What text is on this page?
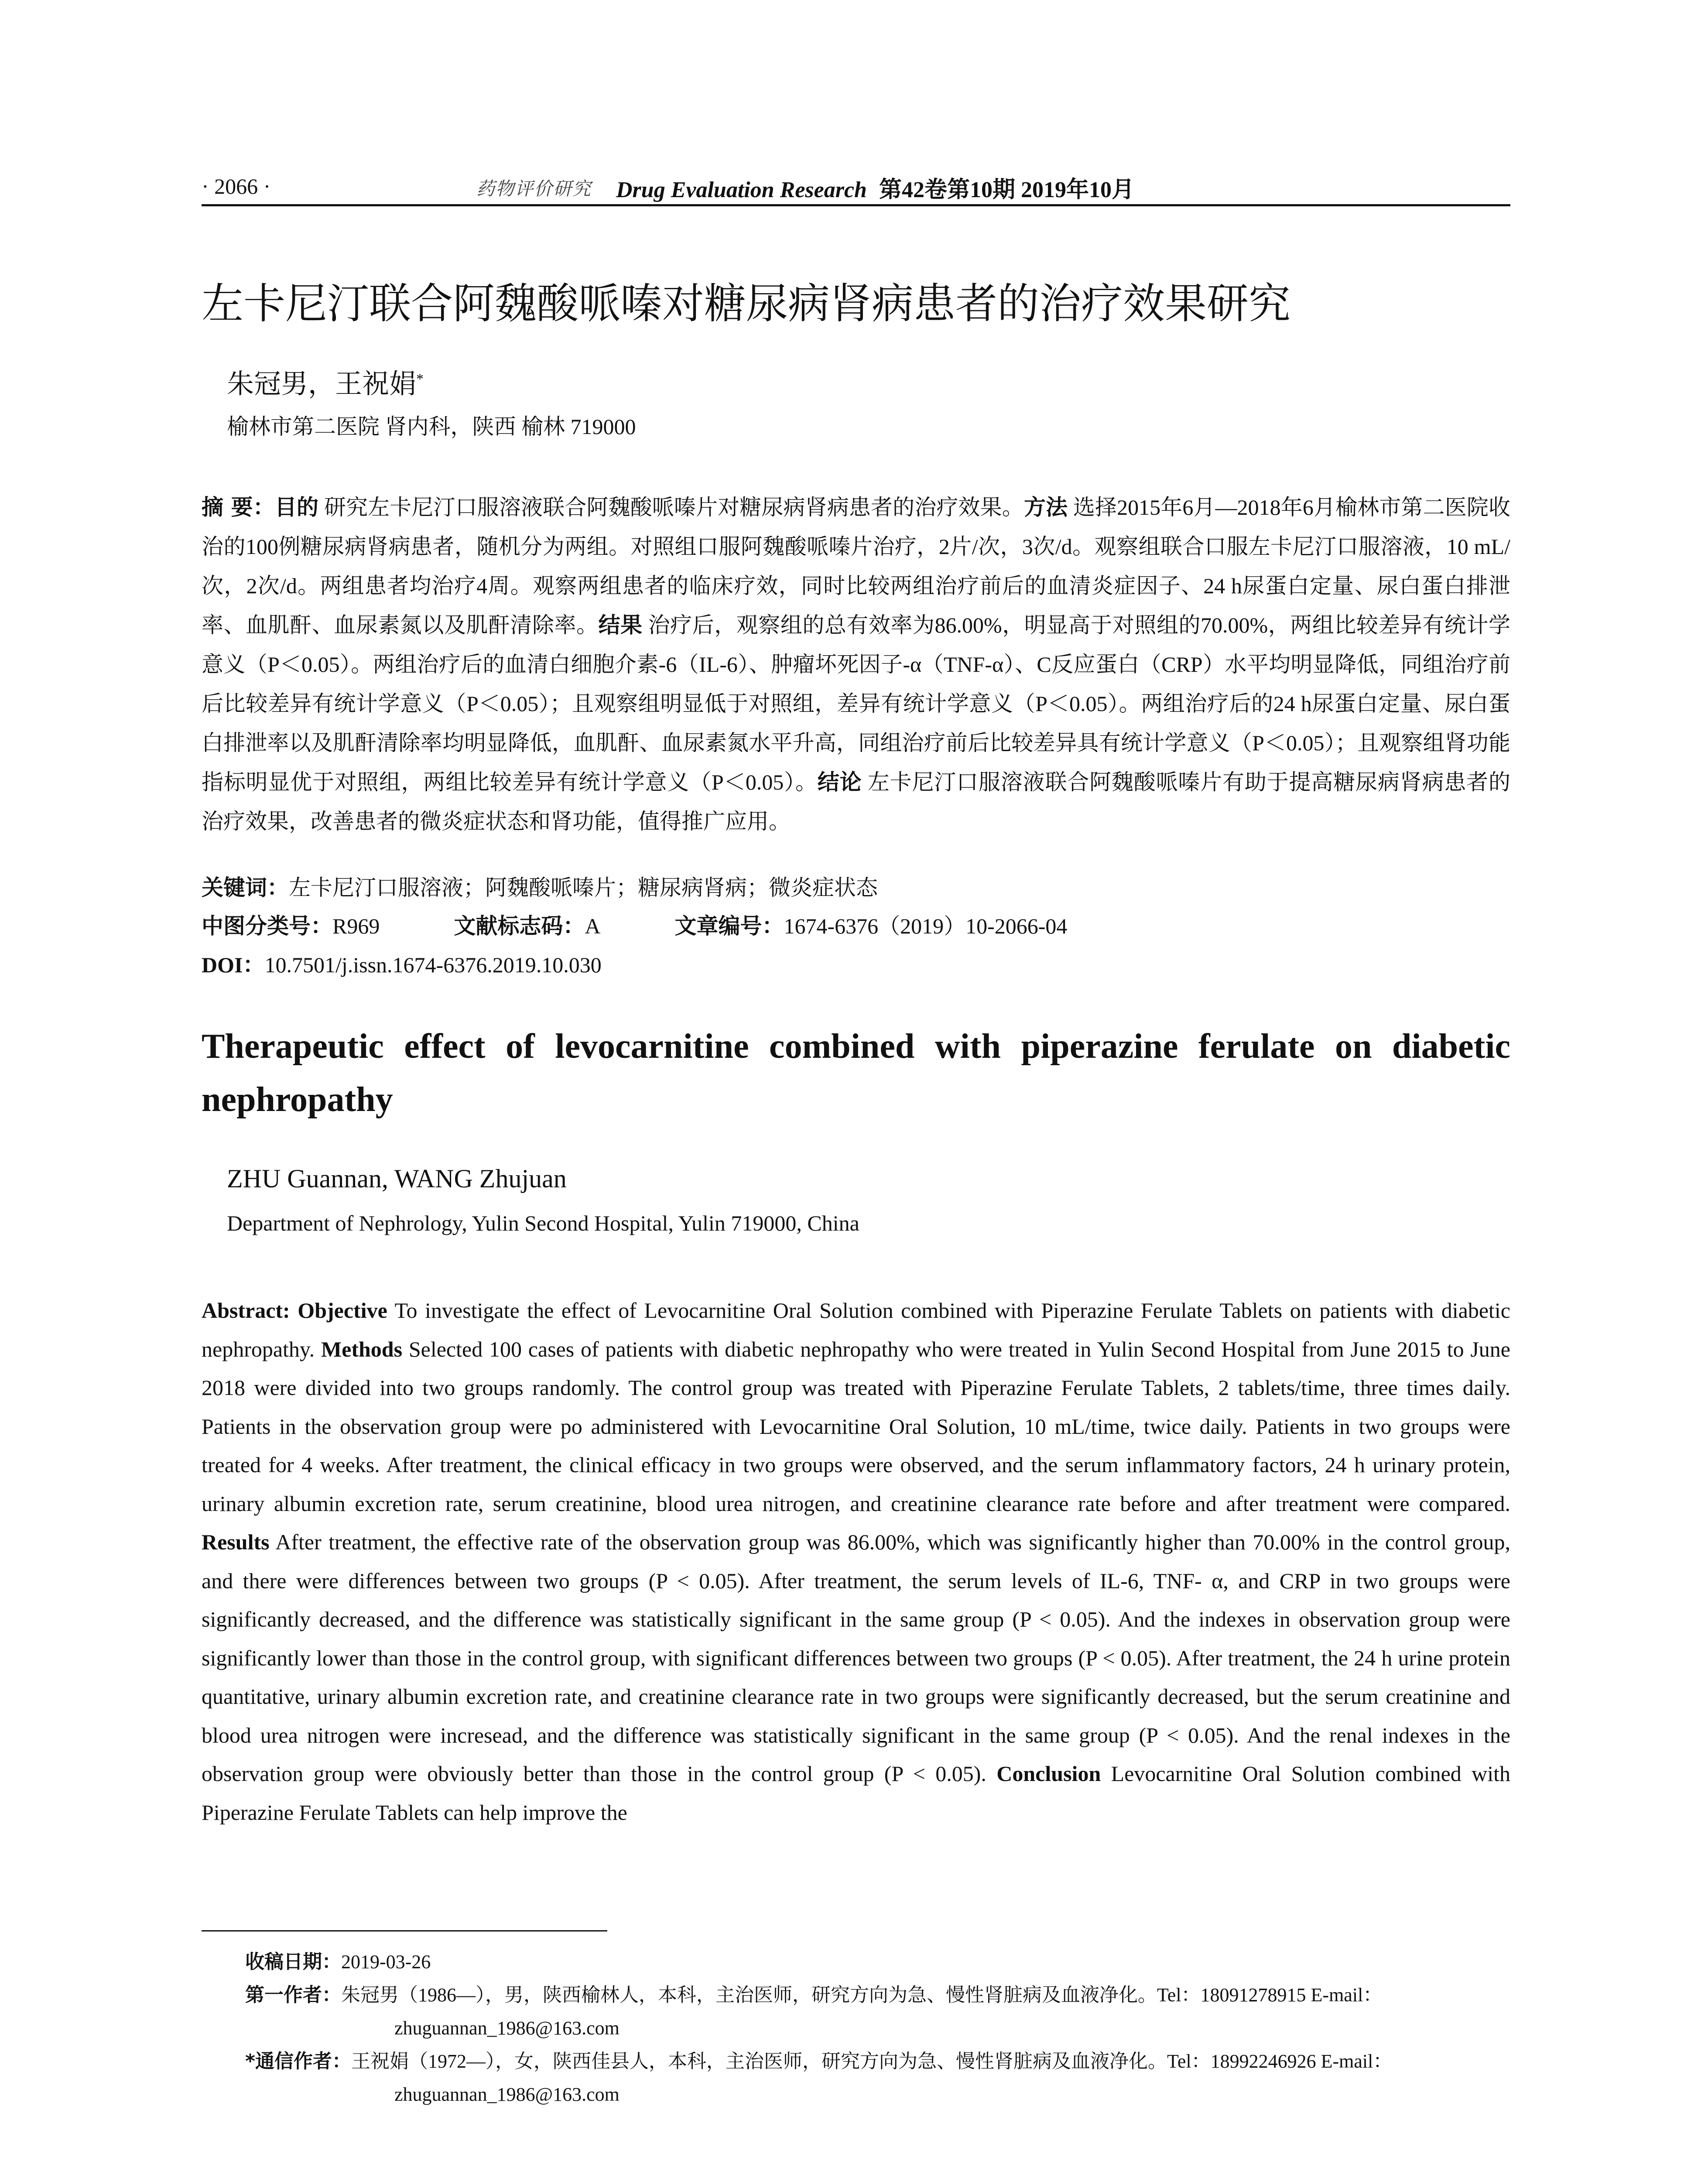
· 2066 ·	药物评价研究 Drug Evaluation Research 第42卷第10期 2019年10月
左卡尼汀联合阿魏酸哌嗪对糖尿病肾病患者的治疗效果研究
朱冠男，王祝娟*
榆林市第二医院 肾内科，陕西 榆林 719000
摘 要：目的 研究左卡尼汀口服溶液联合阿魏酸哌嗪片对糖尿病肾病患者的治疗效果。方法 选择2015年6月—2018年6月榆林市第二医院收治的100例糖尿病肾病患者，随机分为两组。对照组口服阿魏酸哌嗪片治疗，2片/次，3次/d。观察组联合口服左卡尼汀口服溶液，10 mL/次，2次/d。两组患者均治疗4周。观察两组患者的临床疗效，同时比较两组治疗前后的血清炎症因子、24 h尿蛋白定量、尿白蛋白排泄率、血肌酐、血尿素氮以及肌酐清除率。结果 治疗后，观察组的总有效率为86.00%，明显高于对照组的70.00%，两组比较差异有统计学意义（P＜0.05）。两组治疗后的血清白细胞介素-6（IL-6）、肿瘤坏死因子-α（TNF-α）、C反应蛋白（CRP）水平均明显降低，同组治疗前后比较差异有统计学意义（P＜0.05）；且观察组明显低于对照组，差异有统计学意义（P＜0.05）。两组治疗后的24 h尿蛋白定量、尿白蛋白排泄率以及肌酐清除率均明显降低，血肌酐、血尿素氮水平升高，同组治疗前后比较差异具有统计学意义（P＜0.05）；且观察组肾功能指标明显优于对照组，两组比较差异有统计学意义（P＜0.05）。结论 左卡尼汀口服溶液联合阿魏酸哌嗪片有助于提高糖尿病肾病患者的治疗效果，改善患者的微炎症状态和肾功能，值得推广应用。
关键词：左卡尼汀口服溶液；阿魏酸哌嗪片；糖尿病肾病；微炎症状态
中图分类号：R969	文献标志码：A	文章编号：1674-6376（2019）10-2066-04
DOI：10.7501/j.issn.1674-6376.2019.10.030
Therapeutic effect of levocarnitine combined with piperazine ferulate on diabetic nephropathy
ZHU Guannan, WANG Zhujuan
Department of Nephrology, Yulin Second Hospital, Yulin 719000, China
Abstract: Objective To investigate the effect of Levocarnitine Oral Solution combined with Piperazine Ferulate Tablets on patients with diabetic nephropathy. Methods Selected 100 cases of patients with diabetic nephropathy who were treated in Yulin Second Hospital from June 2015 to June 2018 were divided into two groups randomly. The control group was treated with Piperazine Ferulate Tablets, 2 tablets/time, three times daily. Patients in the observation group were po administered with Levocarnitine Oral Solution, 10 mL/time, twice daily. Patients in two groups were treated for 4 weeks. After treatment, the clinical efficacy in two groups were observed, and the serum inflammatory factors, 24 h urinary protein, urinary albumin excretion rate, serum creatinine, blood urea nitrogen, and creatinine clearance rate before and after treatment were compared. Results After treatment, the effective rate of the observation group was 86.00%, which was significantly higher than 70.00% in the control group, and there were differences between two groups (P < 0.05). After treatment, the serum levels of IL-6, TNF- α, and CRP in two groups were significantly decreased, and the difference was statistically significant in the same group (P < 0.05). And the indexes in observation group were significantly lower than those in the control group, with significant differences between two groups (P < 0.05). After treatment, the 24 h urine protein quantitative, urinary albumin excretion rate, and creatinine clearance rate in two groups were significantly decreased, but the serum creatinine and blood urea nitrogen were incresead, and the difference was statistically significant in the same group (P < 0.05). And the renal indexes in the observation group were obviously better than those in the control group (P < 0.05). Conclusion Levocarnitine Oral Solution combined with Piperazine Ferulate Tablets can help improve the
收稿日期：2019-03-26
第一作者：朱冠男（1986—），男，陕西榆林人，本科，主治医师，研究方向为急、慢性肾脏病及血液净化。Tel：18091278915 E-mail：zhuguannan_1986@163.com
*通信作者：王祝娟（1972—），女，陕西佳县人，本科，主治医师，研究方向为急、慢性肾脏病及血液净化。Tel：18992246926 E-mail：zhuguannan_1986@163.com
